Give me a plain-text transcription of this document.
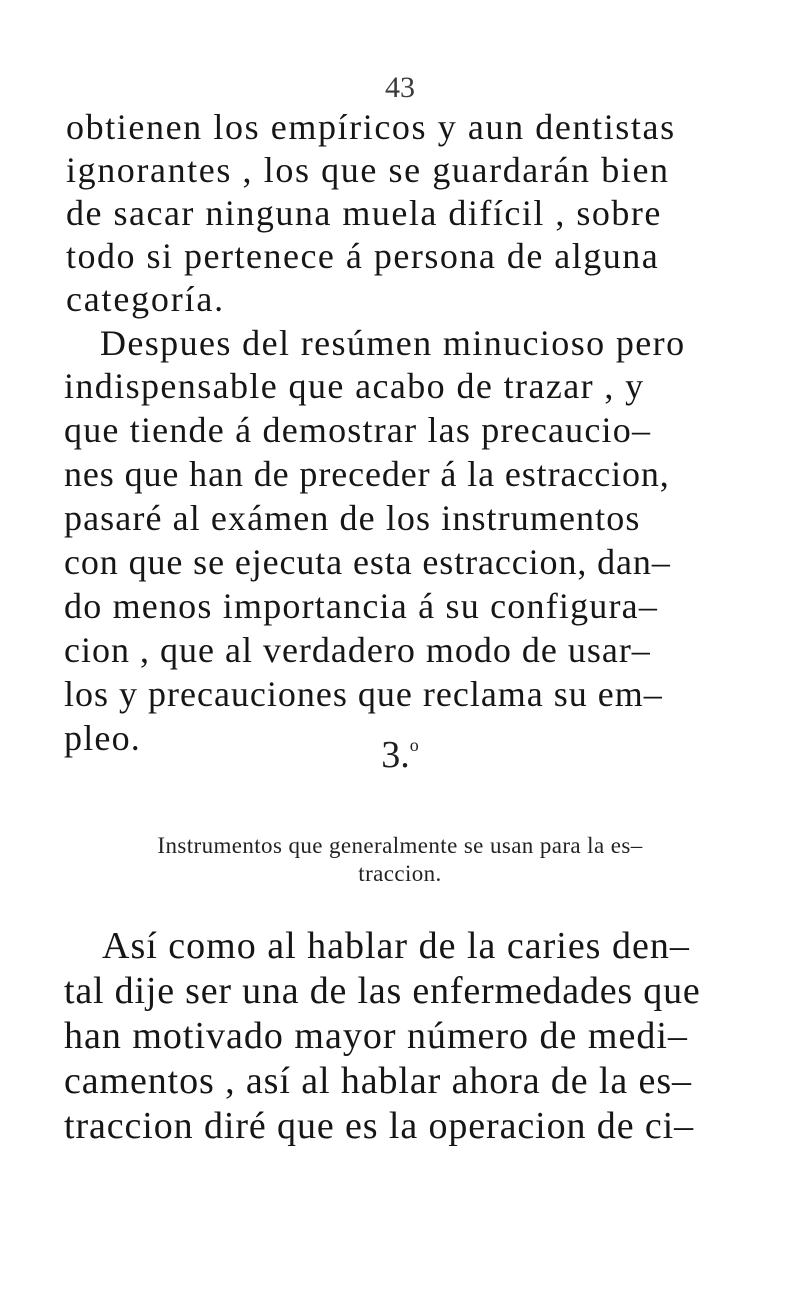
43

obtienen los empíricos y aun dentistas

ignorantes , los que se guardarán bien

de sacar ninguna muela difícil , sobre

todo si pertenece á persona de alguna

categoría.

Despues del resúmen minucioso pero

indispensable que acabo de trazar , y

que tiende á demostrar las precaucio–

nes que han de preceder á la estraccion,

pasaré al exámen de los instrumentos

con que se ejecuta esta estraccion, dan–

do menos importancia á su configura–

cion , que al verdadero modo de usar–

los y precauciones que reclama su em–

pleo.	3.$^o$

Instrumentos que generalmente se usan para la es–

traccion.

Así como al hablar de la caries den–

tal dije ser una de las enfermedades que

han motivado mayor número de medi–

camentos , así al hablar ahora de la es–

traccion diré que es la operacion de ci–
